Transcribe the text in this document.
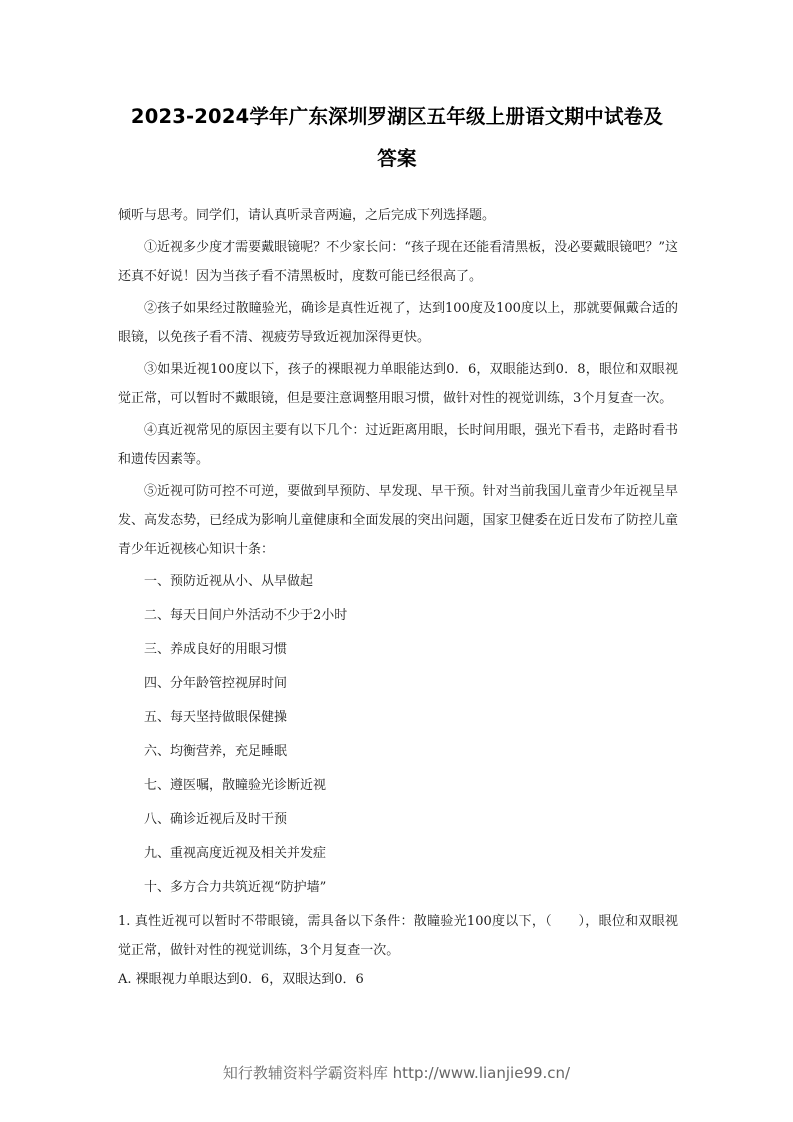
2023-2024学年广东深圳罗湖区五年级上册语文期中试卷及
答案

倾听与思考。同学们，请认真听录音两遍，之后完成下列选择题。

①近视多少度才需要戴眼镜呢？不少家长问：“孩子现在还能看清黑板，没必要戴眼镜吧？”这还真不好说！因为当孩子看不清黑板时，度数可能已经很高了。

②孩子如果经过散瞳验光，确诊是真性近视了，达到100度及100度以上，那就要佩戴合适的眼镜，以免孩子看不清、视疲劳导致近视加深得更快。

③如果近视100度以下，孩子的裸眼视力单眼能达到0．6，双眼能达到0．8，眼位和双眼视觉正常，可以暂时不戴眼镜，但是要注意调整用眼习惯，做针对性的视觉训练，3个月复查一次。

④真近视常见的原因主要有以下几个：过近距离用眼，长时间用眼，强光下看书，走路时看书和遗传因素等。

⑤近视可防可控不可逆，要做到早预防、早发现、早干预。针对当前我国儿童青少年近视呈早发、高发态势，已经成为影响儿童健康和全面发展的突出问题，国家卫健委在近日发布了防控儿童青少年近视核心知识十条：

一、预防近视从小、从早做起

二、每天日间户外活动不少于2小时

三、养成良好的用眼习惯

四、分年龄管控视屏时间

五、每天坚持做眼保健操

六、均衡营养，充足睡眠

七、遵医嘱，散瞳验光诊断近视

八、确诊近视后及时干预

九、重视高度近视及相关并发症

十、多方合力共筑近视“防护墙”

1. 真性近视可以暂时不带眼镜，需具备以下条件：散瞳验光100度以下，（　　），眼位和双眼视觉正常，做针对性的视觉训练，3个月复查一次。

A. 裸眼视力单眼达到0．6，双眼达到0．6

知行教辅资料学霸资料库 http://www.lianjie99.cn/
